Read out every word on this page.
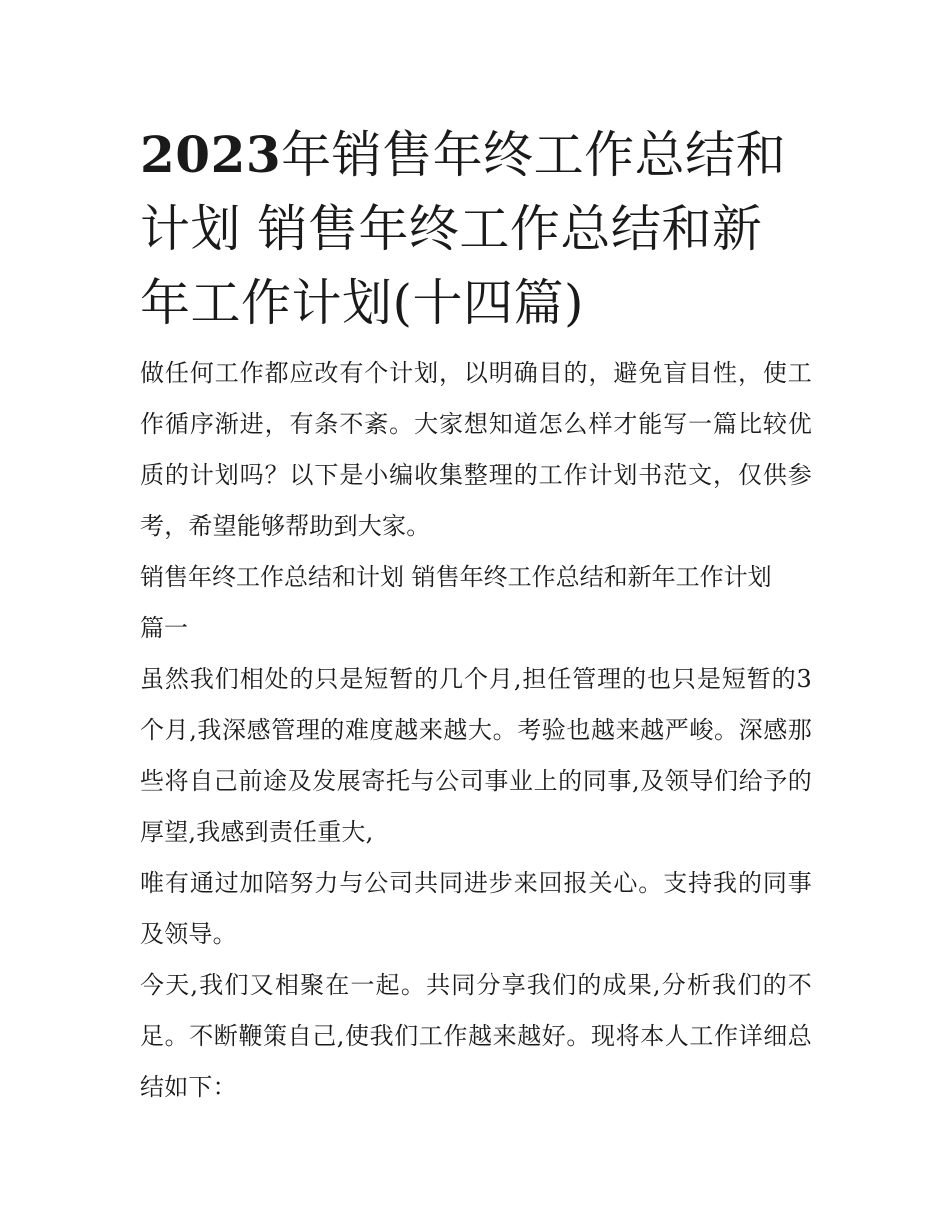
2023年销售年终工作总结和计划 销售年终工作总结和新年工作计划(十四篇)

做任何工作都应改有个计划，以明确目的，避免盲目性，使工作循序渐进，有条不紊。大家想知道怎么样才能写一篇比较优质的计划吗？以下是小编收集整理的工作计划书范文，仅供参考，希望能够帮助到大家。

销售年终工作总结和计划 销售年终工作总结和新年工作计划

篇一

虽然我们相处的只是短暂的几个月,担任管理的也只是短暂的3个月,我深感管理的难度越来越大。考验也越来越严峻。深感那些将自己前途及发展寄托与公司事业上的同事,及领导们给予的厚望,我感到责任重大,

唯有通过加陪努力与公司共同进步来回报关心。支持我的同事及领导。

今天,我们又相聚在一起。共同分享我们的成果,分析我们的不足。不断鞭策自己,使我们工作越来越好。现将本人工作详细总结如下：
